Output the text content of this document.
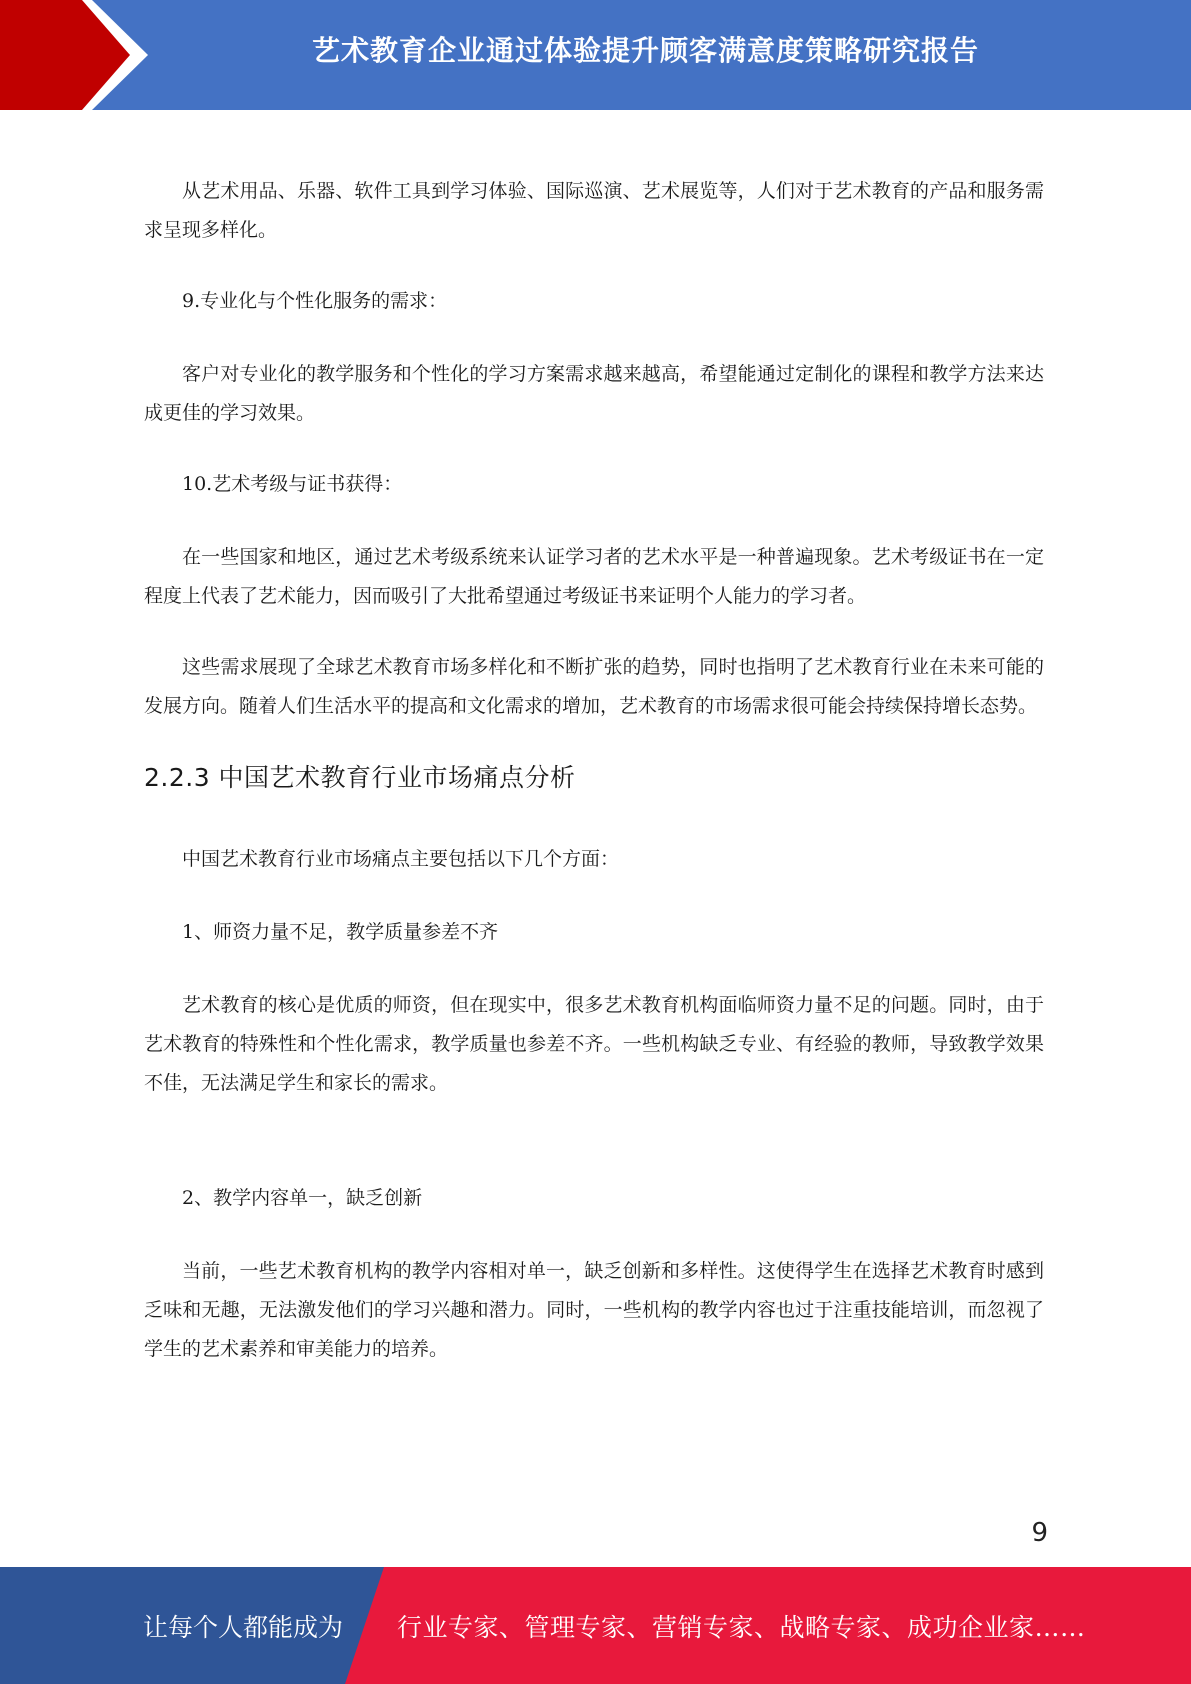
艺术教育企业通过体验提升顾客满意度策略研究报告

从艺术用品、乐器、软件工具到学习体验、国际巡演、艺术展览等，人们对于艺术教育的产品和服务需求呈现多样化。

9.专业化与个性化服务的需求：

客户对专业化的教学服务和个性化的学习方案需求越来越高，希望能通过定制化的课程和教学方法来达成更佳的学习效果。

10.艺术考级与证书获得：

在一些国家和地区，通过艺术考级系统来认证学习者的艺术水平是一种普遍现象。艺术考级证书在一定程度上代表了艺术能力，因而吸引了大批希望通过考级证书来证明个人能力的学习者。

这些需求展现了全球艺术教育市场多样化和不断扩张的趋势，同时也指明了艺术教育行业在未来可能的发展方向。随着人们生活水平的提高和文化需求的增加，艺术教育的市场需求很可能会持续保持增长态势。

2.2.3 中国艺术教育行业市场痛点分析

中国艺术教育行业市场痛点主要包括以下几个方面：

1、师资力量不足，教学质量参差不齐

艺术教育的核心是优质的师资，但在现实中，很多艺术教育机构面临师资力量不足的问题。同时，由于艺术教育的特殊性和个性化需求，教学质量也参差不齐。一些机构缺乏专业、有经验的教师，导致教学效果不佳，无法满足学生和家长的需求。

2、教学内容单一，缺乏创新

当前，一些艺术教育机构的教学内容相对单一，缺乏创新和多样性。这使得学生在选择艺术教育时感到乏味和无趣，无法激发他们的学习兴趣和潜力。同时，一些机构的教学内容也过于注重技能培训，而忽视了学生的艺术素养和审美能力的培养。

9
让每个人都能成为 行业专家、管理专家、营销专家、战略专家、成功企业家……
